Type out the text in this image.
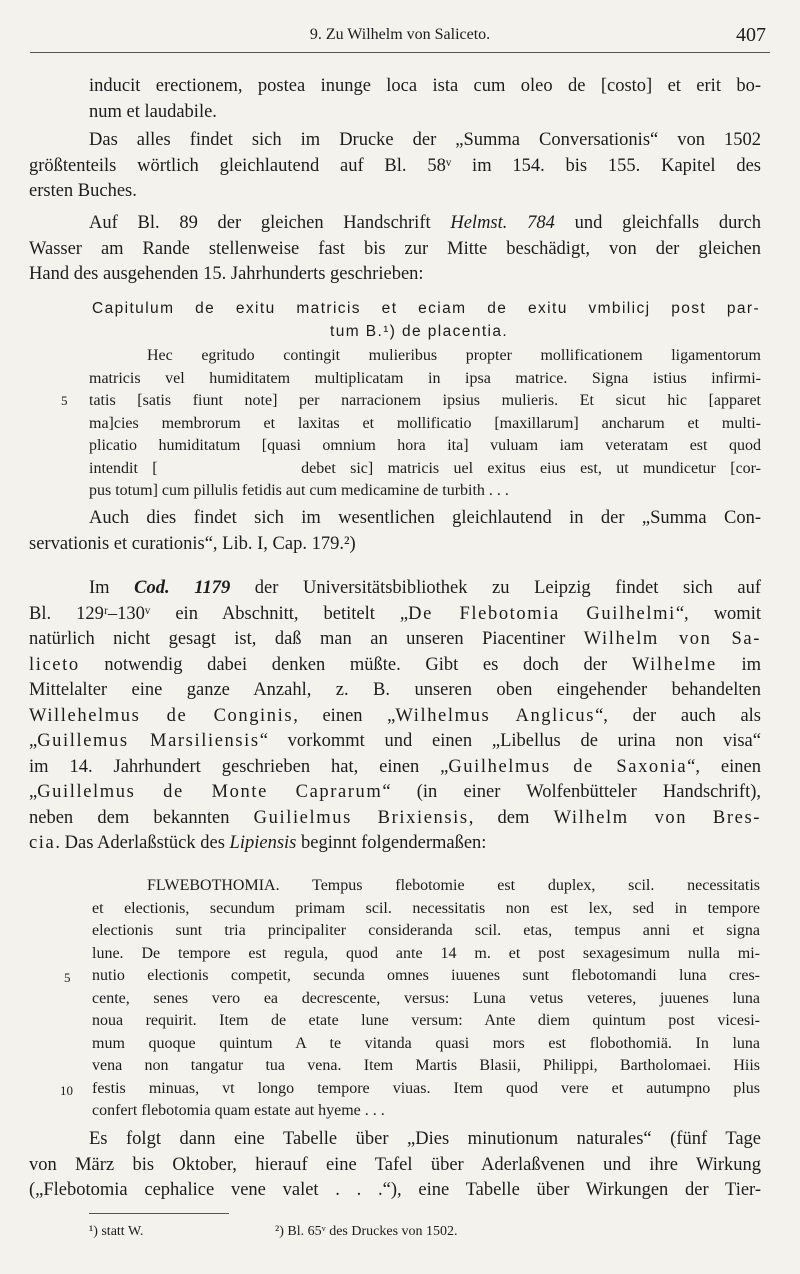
9. Zu Wilhelm von Saliceto.	407
inducit erectionem, postea inunge loca ista cum oleo de [costo] et erit bo-
num et laudabile.
Das alles findet sich im Drucke der „Summa Conversationis“ von 1502
größtenteils wörtlich gleichlautend auf Bl. 58ᵛ im 154. bis 155. Kapitel des
ersten Buches.
Auf Bl. 89 der gleichen Handschrift Helmst. 784 und gleichfalls durch
Wasser am Rande stellenweise fast bis zur Mitte beschädigt, von der gleichen
Hand des ausgehenden 15. Jahrhunderts geschrieben:
Capitulum de exitu matricis et eciam de exitu vmbilicj post par-
tum B.¹) de placentia.
Hec egritudo contingit mulieribus propter mollificationem ligamentorum
matricis vel humiditatem multiplicatam in ipsa matrice. Signa istius infirmi-
tatis [satis fiunt note] per narracionem ipsius mulieris. Et sicut hic [apparet
ma]cies membrorum et laxitas et mollificatio [maxillarum] ancharum et multi-
plicatio humiditatum [quasi omnium hora ita] vuluam iam veteratam est quod
intendit [          debet sic] matricis uel exitus eius est, ut mundicetur [cor-
pus totum] cum pillulis fetidis aut cum medicamine de turbith . . .
5
Auch dies findet sich im wesentlichen gleichlautend in der „Summa Con-
servationis et curationis“, Lib. I, Cap. 179.²)
Im Cod. 1179 der Universitätsbibliothek zu Leipzig findet sich auf
Bl. 129ʳ–130ᵛ ein Abschnitt, betitelt „De Flebotomia Guilhelmi“, womit
natürlich nicht gesagt ist, daß man an unseren Piacentiner Wilhelm von Sa-
liceto notwendig dabei denken müßte. Gibt es doch der Wilhelme im
Mittelalter eine ganze Anzahl, z. B. unseren oben eingehender behandelten
Willehelmus de Conginis, einen „Wilhelmus Anglicus“, der auch als
„Guillemus Marsiliensis“ vorkommt und einen „Libellus de urina non visa“
im 14. Jahrhundert geschrieben hat, einen „Guilhelmus de Saxonia“, einen
„Guillelmus de Monte Caprarum“ (in einer Wolfenbütteler Handschrift),
neben dem bekannten Guilielmus Brixiensis, dem Wilhelm von Bres-
cia. Das Aderlaßstück des Lipiensis beginnt folgendermaßen:
FLWEBOTHOMIA. Tempus flebotomie est duplex, scil. necessitatis
et electionis, secundum primam scil. necessitatis non est lex, sed in tempore
electionis sunt tria principaliter consideranda scil. etas, tempus anni et signa
lune. De tempore est regula, quod ante 14 m. et post sexagesimum nulla mi-
nutio electionis competit, secunda omnes iuuenes sunt flebotomandi luna cres-
cente, senes vero ea decrescente, versus: Luna vetus veteres, juuenes luna
noua requirit. Item de etate lune versum: Ante diem quintum post vicesi-
mum quoque quintum A te vitanda quasi mors est flobothomiä. In luna
vena non tangatur tua vena. Item Martis Blasii, Philippi, Bartholomaei. Hiis
festis minuas, vt longo tempore viuas. Item quod vere et autumpno plus
confert flebotomia quam estate aut hyeme . . .
5
10
Es folgt dann eine Tabelle über „Dies minutionum naturales“ (fünf Tage
von März bis Oktober, hierauf eine Tafel über Aderlaßvenen und ihre Wirkung
(„Flebotomia cephalice vene valet . . .“), eine Tabelle über Wirkungen der Tier-
¹) statt W.	²) Bl. 65ᵛ des Druckes von 1502.
